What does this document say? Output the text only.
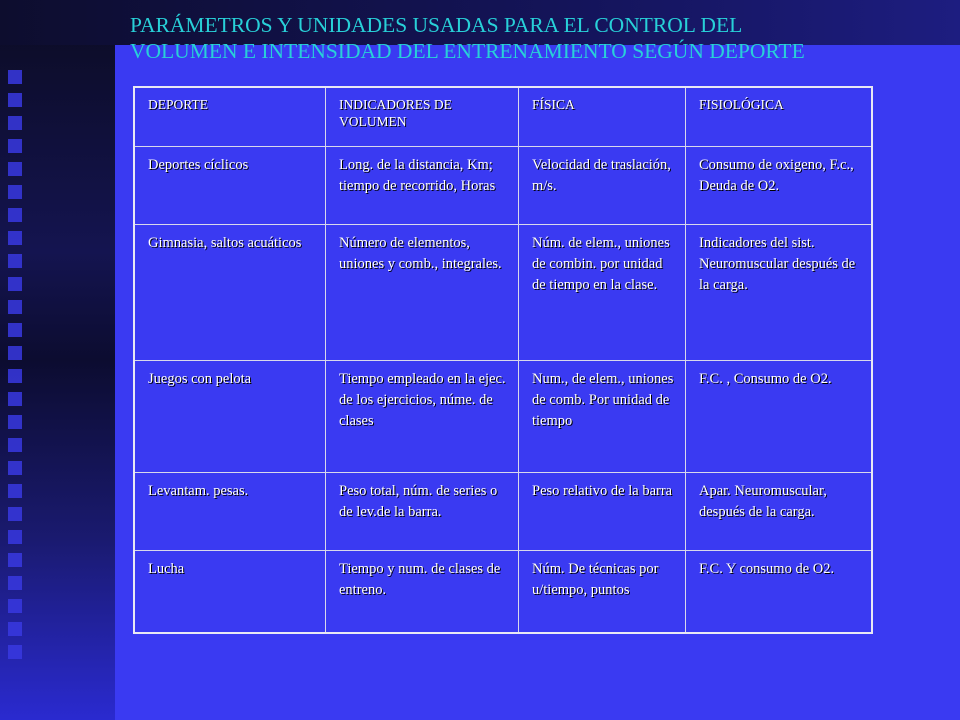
PARÁMETROS Y UNIDADES USADAS PARA EL CONTROL DEL
VOLUMEN E INTENSIDAD DEL ENTRENAMIENTO SEGÚN DEPORTE
DEPORTE	INDICADORES DE VOLUMEN	FÍSICA	FISIOLÓGICA
Deportes cíclicos	Long. de la distancia, Km; tiempo de recorrido, Horas	Velocidad de traslación, m/s.	Consumo de oxigeno, F.c., Deuda de O2.
Gimnasia, saltos acuáticos	Número de elementos, uniones y comb., integrales.	Núm. de elem., uniones de combin. por unidad de tiempo en la clase.	Indicadores del sist. Neuromuscular después de la carga.
Juegos con pelota	Tiempo empleado en la ejec. de los ejercicios, núme. de clases	Num., de elem., uniones de comb. Por unidad de tiempo	F.C. , Consumo de O2.
Levantam. pesas.	Peso total, núm. de series o de lev.de la barra.	Peso relativo de la barra	Apar. Neuromuscular, después de la carga.
Lucha	Tiempo y num. de clases de entreno.	Núm. De técnicas por u/tiempo, puntos	F.C. Y consumo de O2.
